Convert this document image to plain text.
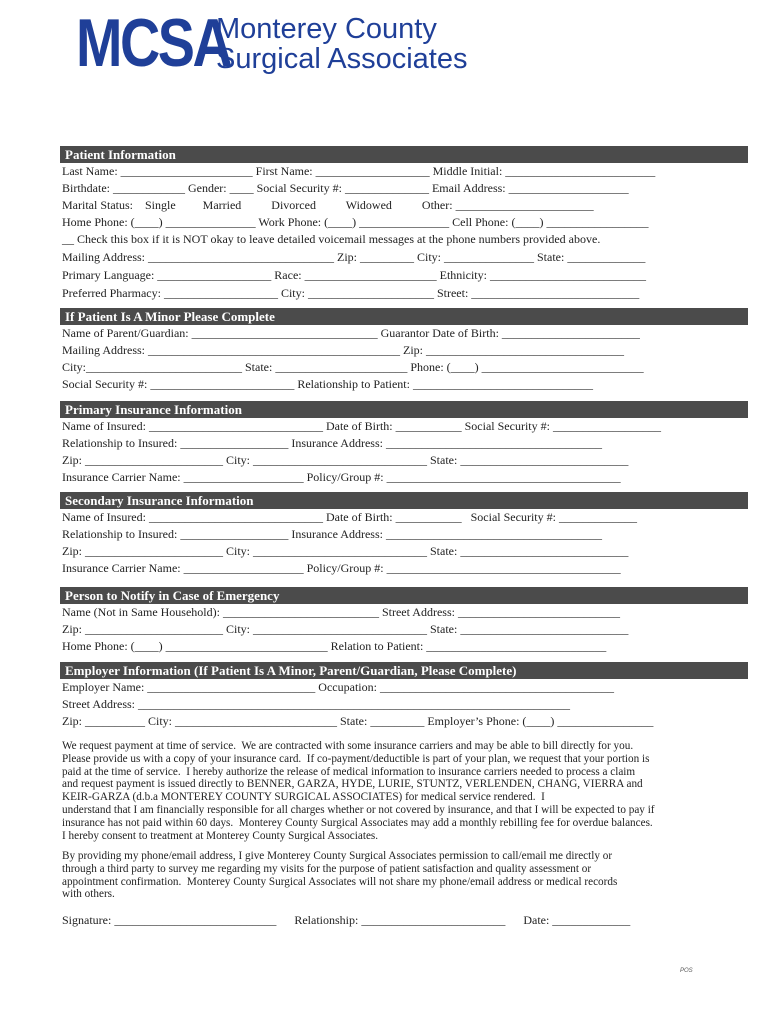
MCSA
Monterey County
Surgical Associates
Patient Information
Last Name: ______________________ First Name: ___________________ Middle Initial: _________________________
Birthdate: ____________ Gender: ____ Social Security #: ______________ Email Address: ____________________
Marital Status:    Single         Married          Divorced          Widowed          Other: _______________________
Home Phone: (____) _______________ Work Phone: (____) _______________ Cell Phone: (____) _________________
__ Check this box if it is NOT okay to leave detailed voicemail messages at the phone numbers provided above.
Mailing Address: _______________________________ Zip: _________ City: _______________ State: _____________
Primary Language: ___________________ Race: ______________________ Ethnicity: __________________________
Preferred Pharmacy: ___________________ City: _____________________ Street: ____________________________
If Patient Is A Minor Please Complete
Name of Parent/Guardian: _______________________________ Guarantor Date of Birth: _______________________
Mailing Address: __________________________________________ Zip: _________________________________
City:__________________________ State: ______________________ Phone: (____) ___________________________
Social Security #: ________________________ Relationship to Patient: ______________________________
Primary Insurance Information
Name of Insured: _____________________________ Date of Birth: ___________ Social Security #: __________________
Relationship to Insured: __________________ Insurance Address: ____________________________________
Zip: _______________________ City: _____________________________ State: ____________________________
Insurance Carrier Name: ____________________ Policy/Group #: _______________________________________
Secondary Insurance Information
Name of Insured: _____________________________ Date of Birth: ___________   Social Security #: _____________
Relationship to Insured: __________________ Insurance Address: ____________________________________
Zip: _______________________ City: _____________________________ State: ____________________________
Insurance Carrier Name: ____________________ Policy/Group #: _______________________________________
Person to Notify in Case of Emergency
Name (Not in Same Household): __________________________ Street Address: ___________________________
Zip: _______________________ City: _____________________________ State: ____________________________
Home Phone: (____) ___________________________ Relation to Patient: ______________________________
Employer Information (If Patient Is A Minor, Parent/Guardian, Please Complete)
Employer Name: ____________________________ Occupation: _______________________________________
Street Address: ________________________________________________________________________
Zip: __________ City: ___________________________ State: _________ Employer’s Phone: (____) ________________
We request payment at time of service.  We are contracted with some insurance carriers and may be able to bill directly for you.
Please provide us with a copy of your insurance card.  If co-payment/deductible is part of your plan, we request that your portion is
paid at the time of service.  I hereby authorize the release of medical information to insurance carriers needed to process a claim
and request payment is issued directly to BENNER, GARZA, HYDE, LURIE, STUNTZ, VERLENDEN, CHANG, VIERRA and
KEIR-GARZA (d.b.a MONTEREY COUNTY SURGICAL ASSOCIATES) for medical service rendered.  I
understand that I am financially responsible for all charges whether or not covered by insurance, and that I will be expected to pay if
insurance has not paid within 60 days.  Monterey County Surgical Associates may add a monthly rebilling fee for overdue balances.
I hereby consent to treatment at Monterey County Surgical Associates.
By providing my phone/email address, I give Monterey County Surgical Associates permission to call/email me directly or
through a third party to survey me regarding my visits for the purpose of patient satisfaction and quality assessment or
appointment confirmation.  Monterey County Surgical Associates will not share my phone/email address or medical records
with others.
Signature: ___________________________      Relationship: ________________________      Date: _____________
POS
